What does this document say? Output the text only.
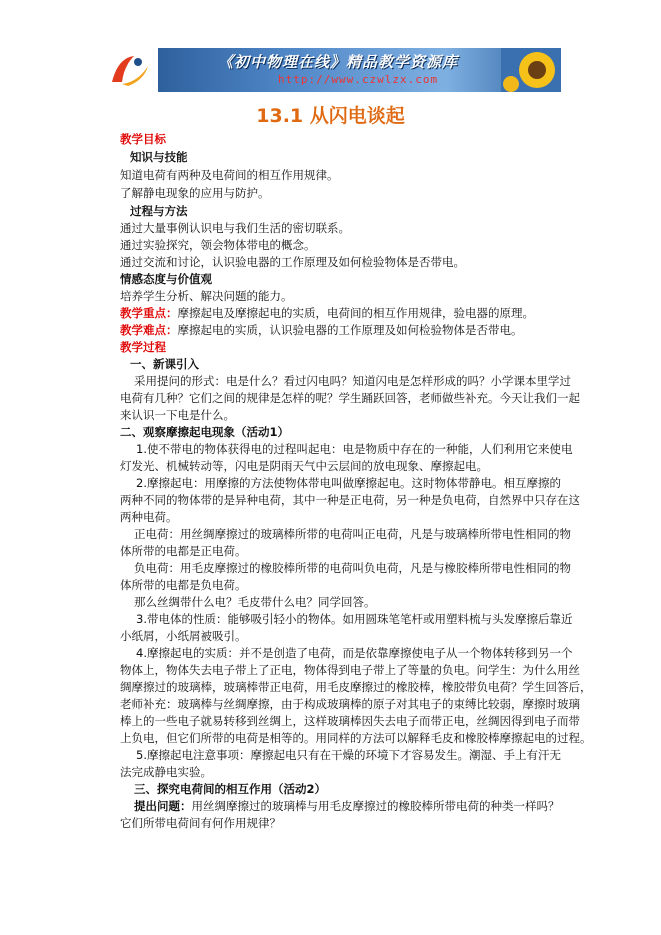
《初中物理在线》精品教学资源库
http://www.czwlzx.com
13.1 从闪电谈起
教学目标
知识与技能
知道电荷有两种及电荷间的相互作用规律。
了解静电现象的应用与防护。
过程与方法
通过大量事例认识电与我们生活的密切联系。
通过实验探究，领会物体带电的概念。
通过交流和讨论，认识验电器的工作原理及如何检验物体是否带电。
情感态度与价值观
培养学生分析、解决问题的能力。
教学重点：摩擦起电及摩擦起电的实质，电荷间的相互作用规律，验电器的原理。
教学难点：摩擦起电的实质，认识验电器的工作原理及如何检验物体是否带电。
教学过程
一、新课引入
采用提问的形式：电是什么？看过闪电吗？知道闪电是怎样形成的吗？小学课本里学过
电荷有几种？它们之间的规律是怎样的呢？学生踊跃回答，老师做些补充。今天让我们一起
来认识一下电是什么。
二、观察摩擦起电现象（活动1）
1.使不带电的物体获得电的过程叫起电：电是物质中存在的一种能，人们利用它来使电
灯发光、机械转动等，闪电是阴雨天气中云层间的放电现象、摩擦起电。
2.摩擦起电：用摩擦的方法使物体带电叫做摩擦起电。这时物体带静电。相互摩擦的
两种不同的物体带的是异种电荷，其中一种是正电荷，另一种是负电荷，自然界中只存在这
两种电荷。
正电荷：用丝绸摩擦过的玻璃棒所带的电荷叫正电荷，凡是与玻璃棒所带电性相同的物
体所带的电都是正电荷。
负电荷：用毛皮摩擦过的橡胶棒所带的电荷叫负电荷，凡是与橡胶棒所带电性相同的物
体所带的电都是负电荷。
那么丝绸带什么电？毛皮带什么电？同学回答。
3.带电体的性质：能够吸引轻小的物体。如用圆珠笔笔杆或用塑料梳与头发摩擦后靠近
小纸屑，小纸屑被吸引。
4.摩擦起电的实质：并不是创造了电荷，而是依靠摩擦使电子从一个物体转移到另一个
物体上，物体失去电子带上了正电，物体得到电子带上了等量的负电。问学生：为什么用丝
绸摩擦过的玻璃棒，玻璃棒带正电荷，用毛皮摩擦过的橡胶棒，橡胶带负电荷？学生回答后，
老师补充：玻璃棒与丝绸摩擦，由于构成玻璃棒的原子对其电子的束缚比较弱，摩擦时玻璃
棒上的一些电子就易转移到丝绸上，这样玻璃棒因失去电子而带正电，丝绸因得到电子而带
上负电，但它们所带的电荷是相等的。用同样的方法可以解释毛皮和橡胶棒摩擦起电的过程。
5.摩擦起电注意事项：摩擦起电只有在干燥的环境下才容易发生。潮湿、手上有汗无
法完成静电实验。
三、探究电荷间的相互作用（活动2）
提出问题：用丝绸摩擦过的玻璃棒与用毛皮摩擦过的橡胶棒所带电荷的种类一样吗？
它们所带电荷间有何作用规律？
